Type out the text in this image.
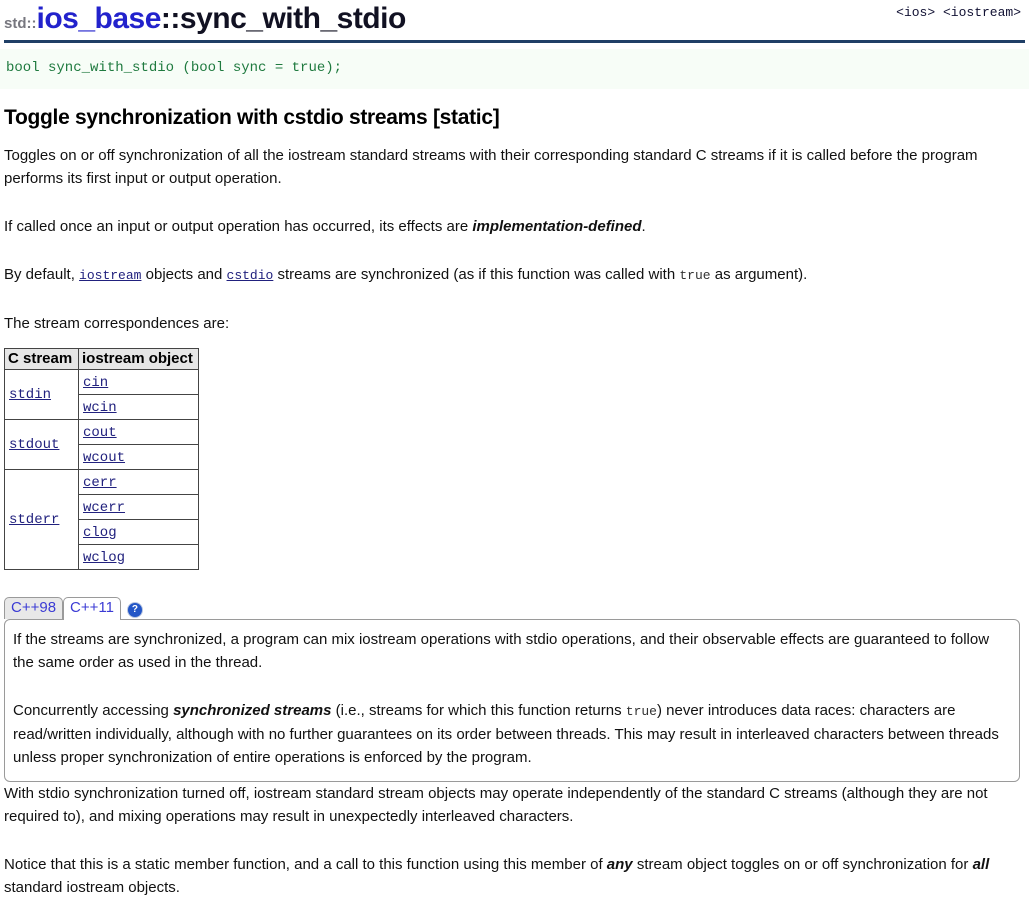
<ios> <iostream>
std::ios_base::sync_with_stdio
bool sync_with_stdio (bool sync = true);
Toggle synchronization with cstdio streams [static]

Toggles on or off synchronization of all the iostream standard streams with their corresponding standard C streams if it is called before the program performs its first input or output operation.

If called once an input or output operation has occurred, its effects are implementation-defined.

By default, iostream objects and cstdio streams are synchronized (as if this function was called with true as argument).

The stream correspondences are:

C stream	iostream object
stdin	cin
	wcin
stdout	cout
	wcout
stderr	cerr
	wcerr
	clog
	wclog
C++98 C++11	?

If the streams are synchronized, a program can mix iostream operations with stdio operations, and their observable effects are guaranteed to follow the same order as used in the thread.

Concurrently accessing synchronized streams (i.e., streams for which this function returns true) never introduces data races: characters are read/written individually, although with no further guarantees on its order between threads. This may result in interleaved characters between threads unless proper synchronization of entire operations is enforced by the program.

With stdio synchronization turned off, iostream standard stream objects may operate independently of the standard C streams (although they are not required to), and mixing operations may result in unexpectedly interleaved characters.

Notice that this is a static member function, and a call to this function using this member of any stream object toggles on or off synchronization for all standard iostream objects.
